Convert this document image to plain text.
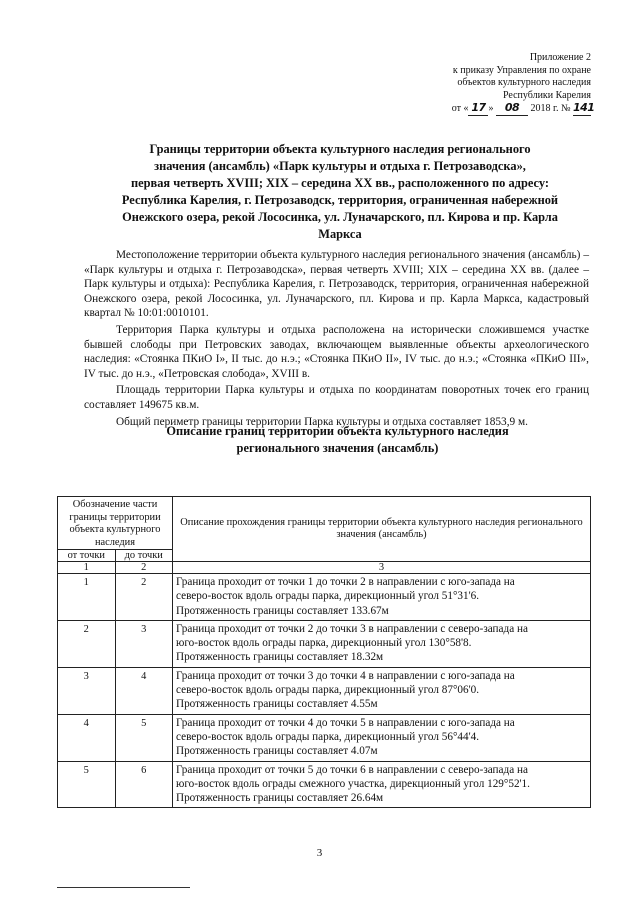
Приложение 2
к приказу Управления по охране
объектов культурного наследия
Республики Карелия
от « 17 » 08 2018 г. № 141
Границы территории объекта культурного наследия регионального
значения (ансамбль) «Парк культуры и отдыха г. Петрозаводска»,
первая четверть XVIII; XIX – середина XX вв., расположенного по адресу:
Республика Карелия, г. Петрозаводск, территория, ограниченная набережной
Онежского озера, рекой Лососинка, ул. Луначарского, пл. Кирова и пр. Карла
Маркса

Местоположение территории объекта культурного наследия регионального значения (ансамбль) – «Парк культуры и отдыха г. Петрозаводска», первая четверть XVIII; XIX – середина XX вв. (далее – Парк культуры и отдыха): Республика Карелия, г. Петрозаводск, территория, ограниченная набережной Онежского озера, рекой Лососинка, ул. Луначарского, пл. Кирова и пр. Карла Маркса, кадастровый квартал № 10:01:0010101.

Территория Парка культуры и отдыха расположена на исторически сложившемся участке бывшей слободы при Петровских заводах, включающем выявленные объекты археологического наследия: «Стоянка ПКиО I», II тыс. до н.э.; «Стоянка ПКиО II», IV тыс. до н.э.; «Стоянка «ПКиО III», IV тыс. до н.э., «Петровская слобода», XVIII в.

Площадь территории Парка культуры и отдыха по координатам поворотных точек его границ составляет 149675 кв.м.

Общий периметр границы территории Парка культуры и отдыха составляет 1853,9 м.

Описание границ территории объекта культурного наследия
регионального значения (ансамбль)
Обозначение части границы территории объекта культурного наследия		Описание прохождения границы территории объекта культурного наследия регионального значения (ансамбль)
от точки	до точки	
1	2	3
1	2	Граница проходит от точки 1 до точки 2 в направлении с юго-запада на
северо-восток вдоль ограды парка, дирекционный угол 51°31'6.
Протяженность границы составляет 133.67м

2	3	Граница проходит от точки 2 до точки 3 в направлении с северо-запада на
юго-восток вдоль ограды парка, дирекционный угол 130°58'8.
Протяженность границы составляет 18.32м

3	4	Граница проходит от точки 3 до точки 4 в направлении с юго-запада на
северо-восток вдоль ограды парка, дирекционный угол 87°06'0.
Протяженность границы составляет 4.55м

4	5	Граница проходит от точки 4 до точки 5 в направлении с юго-запада на
северо-восток вдоль ограды парка, дирекционный угол 56°44'4.
Протяженность границы составляет 4.07м

5	6	Граница проходит от точки 5 до точки 6 в направлении с северо-запада на
юго-восток вдоль ограды смежного участка, дирекционный угол 129°52'1.
Протяженность границы составляет 26.64м
3
